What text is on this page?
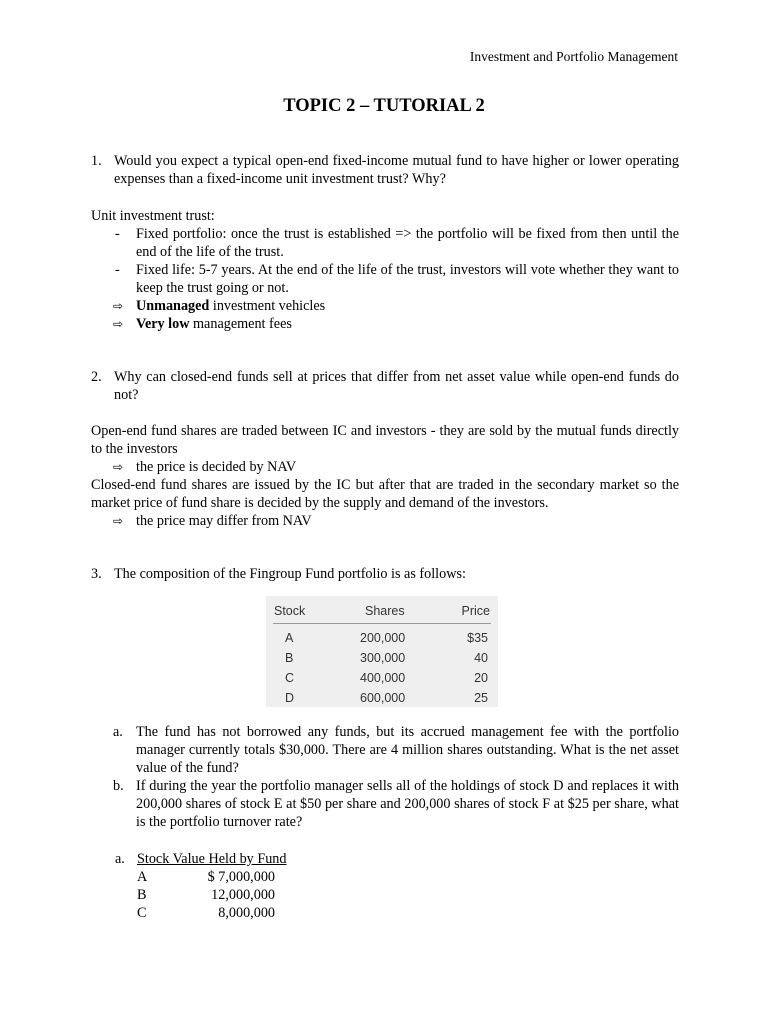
Investment and Portfolio Management
TOPIC 2 – TUTORIAL 2
1. Would you expect a typical open-end fixed-income mutual fund to have higher or lower operating expenses than a fixed-income unit investment trust? Why?
Unit investment trust:
- Fixed portfolio: once the trust is established => the portfolio will be fixed from then until the end of the life of the trust.
- Fixed life: 5-7 years. At the end of the life of the trust, investors will vote whether they want to keep the trust going or not.
⇨ Unmanaged investment vehicles
⇨ Very low management fees
2. Why can closed-end funds sell at prices that differ from net asset value while open-end funds do not?
Open-end fund shares are traded between IC and investors - they are sold by the mutual funds directly to the investors
⇨ the price is decided by NAV
Closed-end fund shares are issued by the IC but after that are traded in the secondary market so the market price of fund share is decided by the supply and demand of the investors.
⇨ the price may differ from NAV
3. The composition of the Fingroup Fund portfolio is as follows:
Stock	Shares	Price
A	200,000	$35
B	300,000	40
C	400,000	20
D	600,000	25
a. The fund has not borrowed any funds, but its accrued management fee with the portfolio manager currently totals $30,000. There are 4 million shares outstanding. What is the net asset value of the fund?
b. If during the year the portfolio manager sells all of the holdings of stock D and replaces it with 200,000 shares of stock E at $50 per share and 200,000 shares of stock F at $25 per share, what is the portfolio turnover rate?
a. Stock Value Held by Fund
A	$ 7,000,000
B	12,000,000
C	8,000,000
